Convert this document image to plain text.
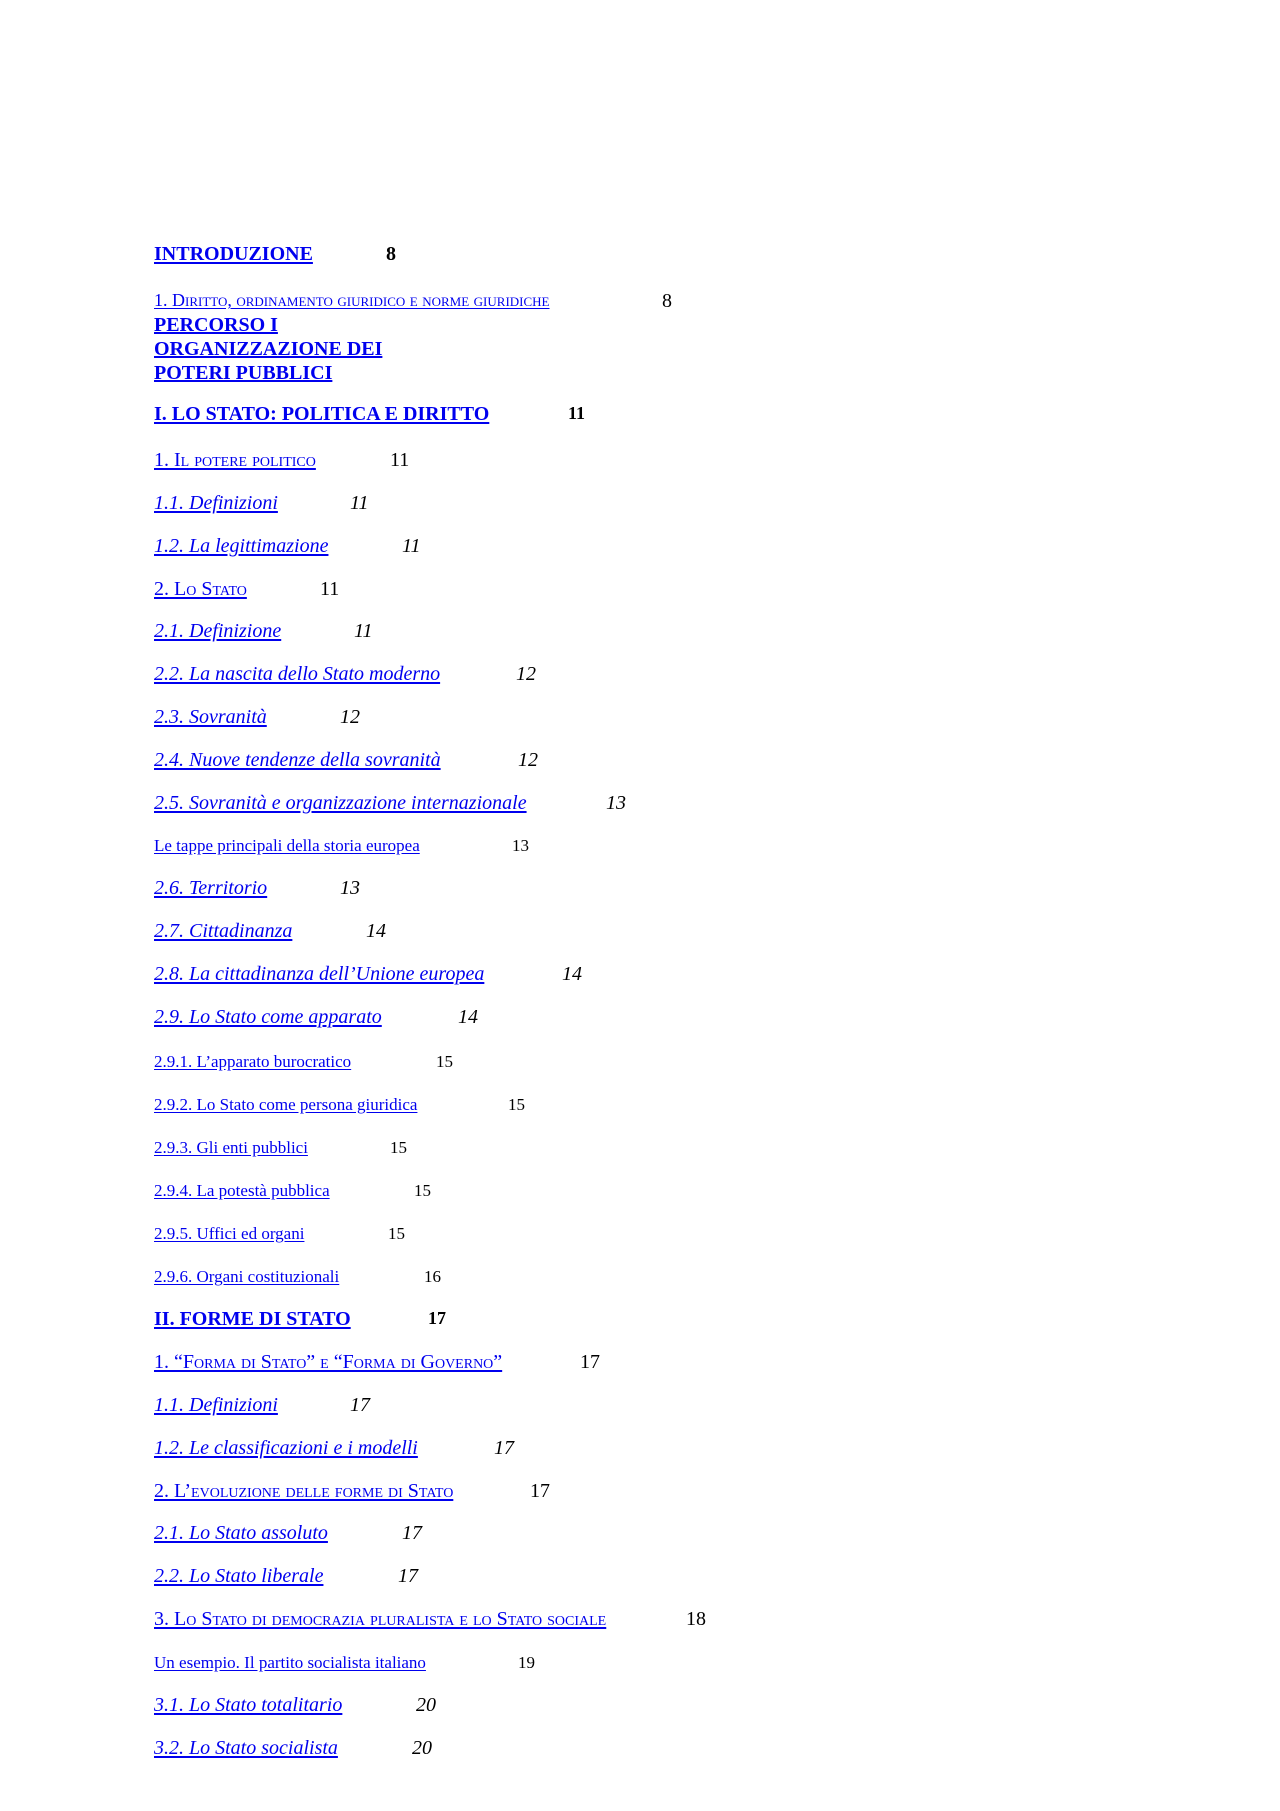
INTRODUZIONE	8
1. Diritto, ordinamento giuridico e norme giuridiche	8
PERCORSO I
ORGANIZZAZIONE DEI
POTERI PUBBLICI
I. LO STATO: POLITICA E DIRITTO	11
1. Il potere politico	11
1.1. Definizioni	11
1.2. La legittimazione	11
2. Lo Stato	11
2.1. Definizione	11
2.2. La nascita dello Stato moderno	12
2.3. Sovranità	12
2.4. Nuove tendenze della sovranità	12
2.5. Sovranità e organizzazione internazionale	13
Le tappe principali della storia europea	13
2.6. Territorio	13
2.7. Cittadinanza	14
2.8. La cittadinanza dell’Unione europea	14
2.9. Lo Stato come apparato	14
2.9.1. L’apparato burocratico	15
2.9.2. Lo Stato come persona giuridica	15
2.9.3. Gli enti pubblici	15
2.9.4. La potestà pubblica	15
2.9.5. Uffici ed organi	15
2.9.6. Organi costituzionali	16
II. FORME DI STATO	17
1. “Forma di Stato” e “Forma di Governo”	17
1.1. Definizioni	17
1.2. Le classificazioni e i modelli	17
2. L’evoluzione delle forme di Stato	17
2.1. Lo Stato assoluto	17
2.2. Lo Stato liberale	17
3. Lo Stato di democrazia pluralista e lo Stato sociale	18
Un esempio. Il partito socialista italiano	19
3.1. Lo Stato totalitario	20
3.2. Lo Stato socialista	20
